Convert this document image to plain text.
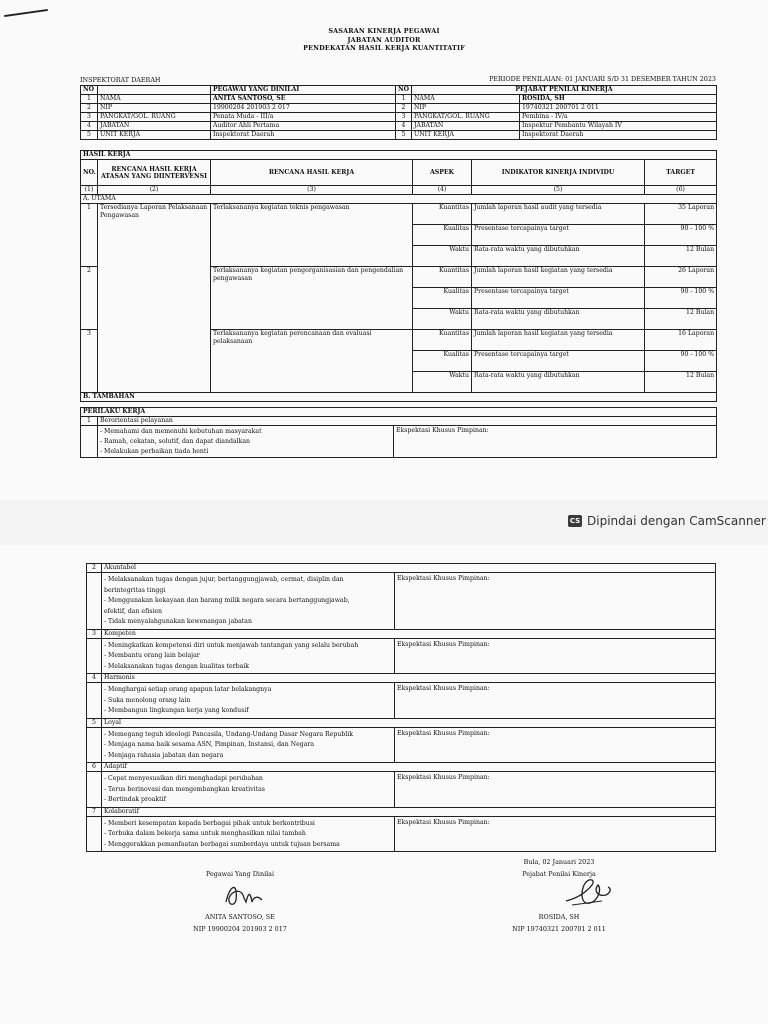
SASARAN KINERJA PEGAWAI
JABATAN AUDITOR
PENDEKATAN HASIL KERJA KUANTITATIF
INSPEKTORAT DAERAH	PERIODE PENILAIAN: 01 JANUARI S/D 31 DESEMBER TAHUN 2023
NO		PEGAWAI YANG DINILAI	NO	PEJABAT PENILAI KINERJA	
1	NAMA	ANITA SANTOSO, SE	1	NAMA	ROSIDA, SH
2	NIP	19900204 201903 2 017	2	NIP	19740321 200701 2 011
3	PANGKAT/GOL. RUANG	Penata Muda - III/a	3	PANGKAT/GOL. RUANG	Pembina - IV/a
4	JABATAN	Auditor Ahli Pertama	4	JABATAN	Inspektur Pembantu Wilayah IV
5	UNIT KERJA	Inspektorat Daerah	5	UNIT KERJA	Inspektorat Daerah
HASIL KERJA					
NO.	RENCANA HASIL KERJA ATASAN YANG DIINTERVENSI	RENCANA HASIL KERJA	ASPEK	INDIKATOR KINERJA INDIVIDU	TARGET
(1)	(2)	(3)	(4)	(5)	(6)
A. UTAMA					
1	Tersedianya Laporan Pelaksanaan Pengawasan	Terlaksananya kegiatan teknis pengawasan	Kuantitas	Jumlah laporan hasil audit yang tersedia	35 Laporan
			Kualitas	Presentase tercapainya target	90 - 100 %
			Waktu	Rata-rata waktu yang dibutuhkan	12 Bulan
2		Terlaksananya kegiatan pengorganisasian dan pengendalian pengawasan	Kuantitas	Jumlah laporan hasil kegiatan yang tersedia	26 Laporan
			Kualitas	Presentase tercapainya target	90 - 100 %
			Waktu	Rata-rata waktu yang dibutuhkan	12 Bulan
3		Terlaksananya kegiatan perencanaan dan evaluasi pelaksanaan	Kuantitas	Jumlah laporan hasil kegiatan yang tersedia	16 Laporan
			Kualitas	Presentase tercapainya target	90 - 100 %
			Waktu	Rata-rata waktu yang dibutuhkan	12 Bulan
B. TAMBAHAN					
PERILAKU KERJA		
1	Berorientasi pelayanan	

	- Memahami dan memenuhi kebutuhan masyarakat
- Ramah, cekatan, solutif, dan dapat diandalkan
- Melakukan perbaikan tiada henti	Ekspektasi Khusus Pimpinan:
CS Dipindai dengan CamScanner
2	Akuntabel	

	- Melaksanakan tugas dengan jujur, bertanggungjawab, cermat, disiplin dan
berintegritas tinggi
- Menggunakan kekayaan dan barang milik negara secara bertanggungjawab,
efektif, dan efisien
- Tidak menyalahgunakan kewenangan jabatan	Ekspektasi Khusus Pimpinan:
3	Kompeten	

	- Meningkatkan kompetensi diri untuk menjawab tantangan yang selalu berubah
- Membantu orang lain belajar
- Melaksanakan tugas dengan kualitas terbaik	Ekspektasi Khusus Pimpinan:
4	Harmonis	

	- Menghargai setiap orang apapun latar belakangnya
- Suka menolong orang lain
- Membangun lingkungan kerja yang kondusif	Ekspektasi Khusus Pimpinan:
5	Loyal	

	- Memegang teguh ideologi Pancasila, Undang-Undang Dasar Negara Republik
- Menjaga nama baik sesama ASN, Pimpinan, Instansi, dan Negara
- Menjaga rahasia jabatan dan negara	Ekspektasi Khusus Pimpinan:
6	Adaptif	

	- Cepat menyesuaikan diri menghadapi perubahan
- Terus berinovasi dan mengembangkan kreativitas
- Bertindak proaktif	Ekspektasi Khusus Pimpinan:
7	Kolaboratif	

	- Memberi kesempatan kepada berbagai pihak untuk berkontribusi
- Terbuka dalam bekerja sama untuk menghasilkan nilai tambah
- Menggerakkan pemanfaatan berbagai sumberdaya untuk tujuan bersama	Ekspektasi Khusus Pimpinan:
Bula, 02 Januari 2023
Pegawai Yang Dinilai	Pejabat Penilai Kinerja
ANITA SANTOSO, SE	ROSIDA, SH
NIP 19900204 201903 2 017	NIP 19740321 200701 2 011
